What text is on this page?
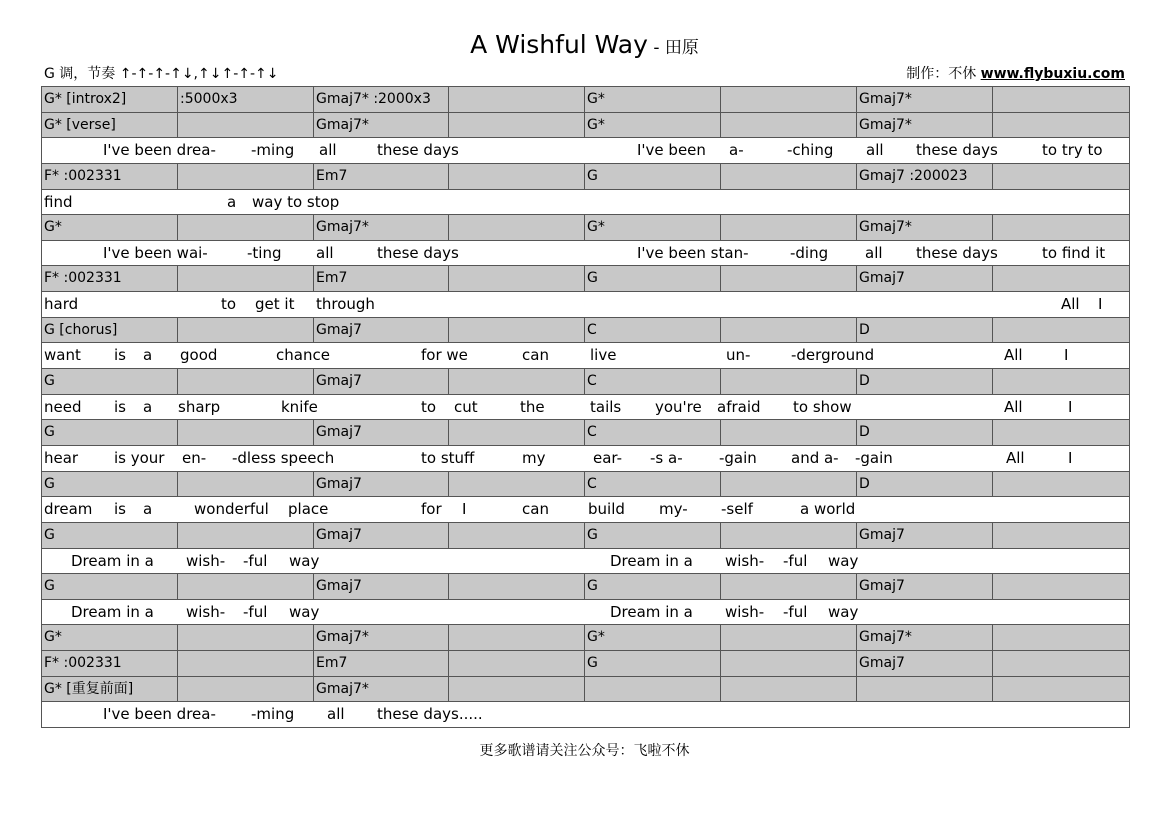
A Wishful Way - 田原
G 调，节奏 ↑-↑-↑-↑↓,↑↓↑-↑-↑↓	制作：不休 www.flybuxiu.com
G* [introx2]	:5000x3	Gmaj7* :2000x3	G*	Gmaj7*
G* [verse]	Gmaj7*	G*	Gmaj7*
I've been drea- -ming all	these days	I've been a-	-ching all these days	to try to
F* :002331	Em7	G	Gmaj7 :200023
find	a way to stop
G*	Gmaj7*	G*	Gmaj7*
I've been wai-	-ting all	these days	I've been stan-	-ding all these days	to find it
F* :002331	Em7	G	Gmaj7
hard	to get it through	All I
G [chorus]	Gmaj7	C	D
want is a good	chance	for we	can	live	un-	-derground	All	I
G	Gmaj7	C	D
need is a sharp	knife	to cut	the	tails you're afraid to show	All	I
G	Gmaj7	C	D
hear is your en- -dless speech	to stuff	my	ear- -s a- -gain and a- -gain	All	I
G	Gmaj7	C	D
dream is a	wonderful place	for I	can	build my- -self	a world
G	Gmaj7	G	Gmaj7
Dream in a wish- -ful way	Dream in a wish- -ful way
G	Gmaj7	G	Gmaj7
Dream in a wish- -ful way	Dream in a wish- -ful way
G*	Gmaj7*	G*	Gmaj7*
F* :002331	Em7	G	Gmaj7
G* [重复前面]	Gmaj7*
I've been drea- -ming all these days.....
更多歌谱请关注公众号：飞啦不休
